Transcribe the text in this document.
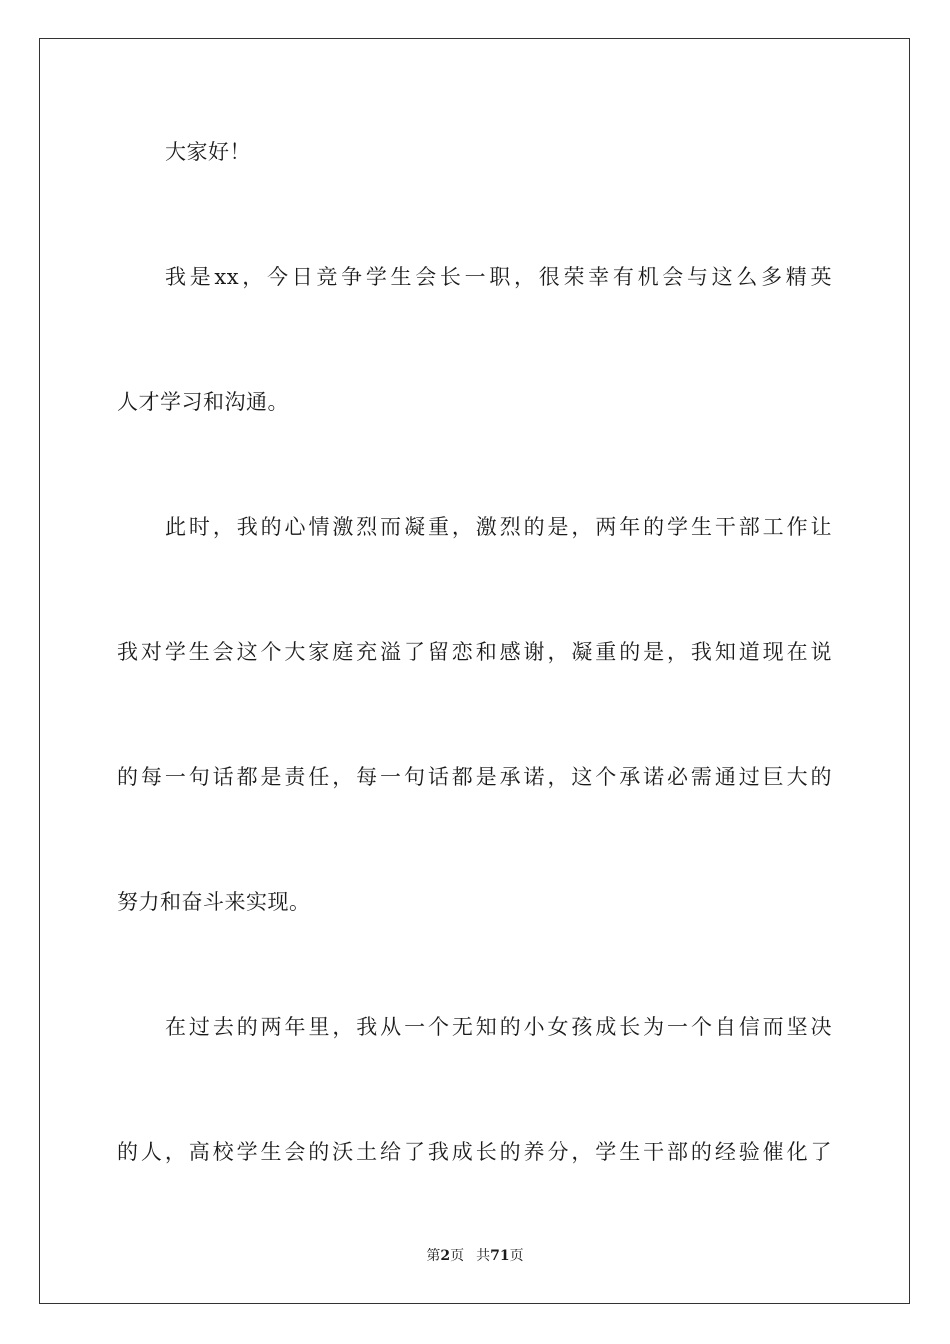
大家好！
我是xx，今日竞争学生会长一职，很荣幸有机会与这么多精英
人才学习和沟通。
此时，我的心情激烈而凝重，激烈的是，两年的学生干部工作让
我对学生会这个大家庭充溢了留恋和感谢，凝重的是，我知道现在说
的每一句话都是责任，每一句话都是承诺，这个承诺必需通过巨大的
努力和奋斗来实现。
在过去的两年里，我从一个无知的小女孩成长为一个自信而坚决
的人，高校学生会的沃土给了我成长的养分，学生干部的经验催化了
第2页 共71页
